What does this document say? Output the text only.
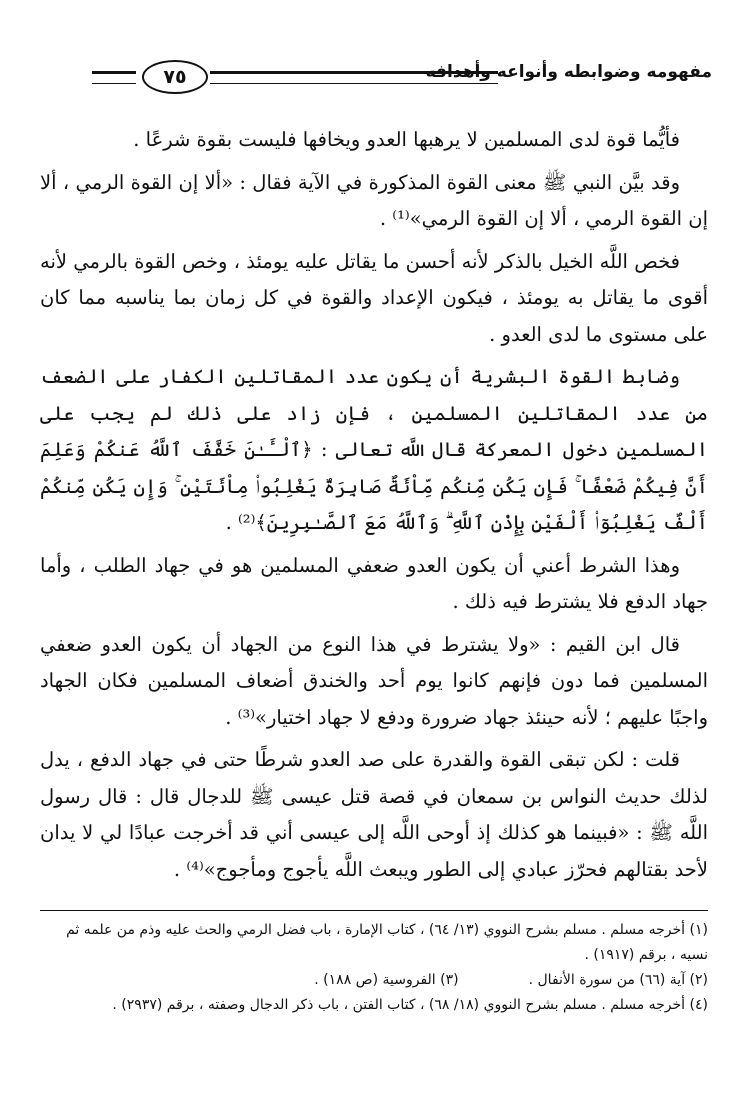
٧٥	مفهومه وضوابطه وأنواعه وأهدافه

فأيُّما قوة لدى المسلمين لا يرهبها العدو ويخافها فليست بقوة شرعًا .

وقد بيَّن النبي ﷺ معنى القوة المذكورة في الآية فقال : «ألا إن القوة الرمي ، ألا إن القوة الرمي ، ألا إن القوة الرمي»⁽¹⁾ .

فخص اللَّه الخيل بالذكر لأنه أحسن ما يقاتل عليه يومئذ ، وخص القوة بالرمي لأنه أقوى ما يقاتل به يومئذ ، فيكون الإعداد والقوة في كل زمان بما يناسبه مما كان على مستوى ما لدى العدو .

وضابط القوة البشرية أن يكون عدد المقاتلين الكفار على الضعف من عدد المقاتلين المسلمين ، فإن زاد على ذلك لم يجب على المسلمين دخول المعركة قال اللَّه تعالى : ﴿ٱلْـَٔـٰنَ خَفَّفَ ٱللَّهُ عَنكُمْ وَعَلِمَ أَنَّ فِيكُمْ ضَعْفًا ۚ فَإِن يَكُن مِّنكُم مِّاْئَةٌ صَابِرَةٌ يَغْلِبُوا۟ مِاْئَتَيْنِ ۚ وَإِن يَكُن مِّنكُمْ أَلْفٌ يَغْلِبُوٓا۟ أَلْفَيْنِ بِإِذْنِ ٱللَّهِ ۗ وَٱللَّهُ مَعَ ٱلصَّـٰبِرِينَ﴾⁽²⁾ .

وهذا الشرط أعني أن يكون العدو ضعفي المسلمين هو في جهاد الطلب ، وأما جهاد الدفع فلا يشترط فيه ذلك .

قال ابن القيم : «ولا يشترط في هذا النوع من الجهاد أن يكون العدو ضعفي المسلمين فما دون فإنهم كانوا يوم أحد والخندق أضعاف المسلمين فكان الجهاد واجبًا عليهم ؛ لأنه حينئذ جهاد ضرورة ودفع لا جهاد اختيار»⁽³⁾ .

قلت : لكن تبقى القوة والقدرة على صد العدو شرطًا حتى في جهاد الدفع ، يدل لذلك حديث النواس بن سمعان في قصة قتل عيسى ﷺ للدجال قال : قال رسول اللَّه ﷺ : «فبينما هو كذلك إذ أوحى اللَّه إلى عيسى أني قد أخرجت عبادًا لي لا يدان لأحد بقتالهم فحرّز عبادي إلى الطور ويبعث اللَّه يأجوج ومأجوج»⁽⁴⁾ .

(١) أخرجه مسلم . مسلم بشرح النووي (١٣/ ٦٤) ، كتاب الإمارة ، باب فضل الرمي والحث عليه وذم من علمه ثم نسيه ، برقم (١٩١٧) .

(٢) آية (٦٦) من سورة الأنفال .
(٣) الفروسية (ص ١٨٨) .

(٤) أخرجه مسلم . مسلم بشرح النووي (١٨/ ٦٨) ، كتاب الفتن ، باب ذكر الدجال وصفته ، برقم (٢٩٣٧) .
